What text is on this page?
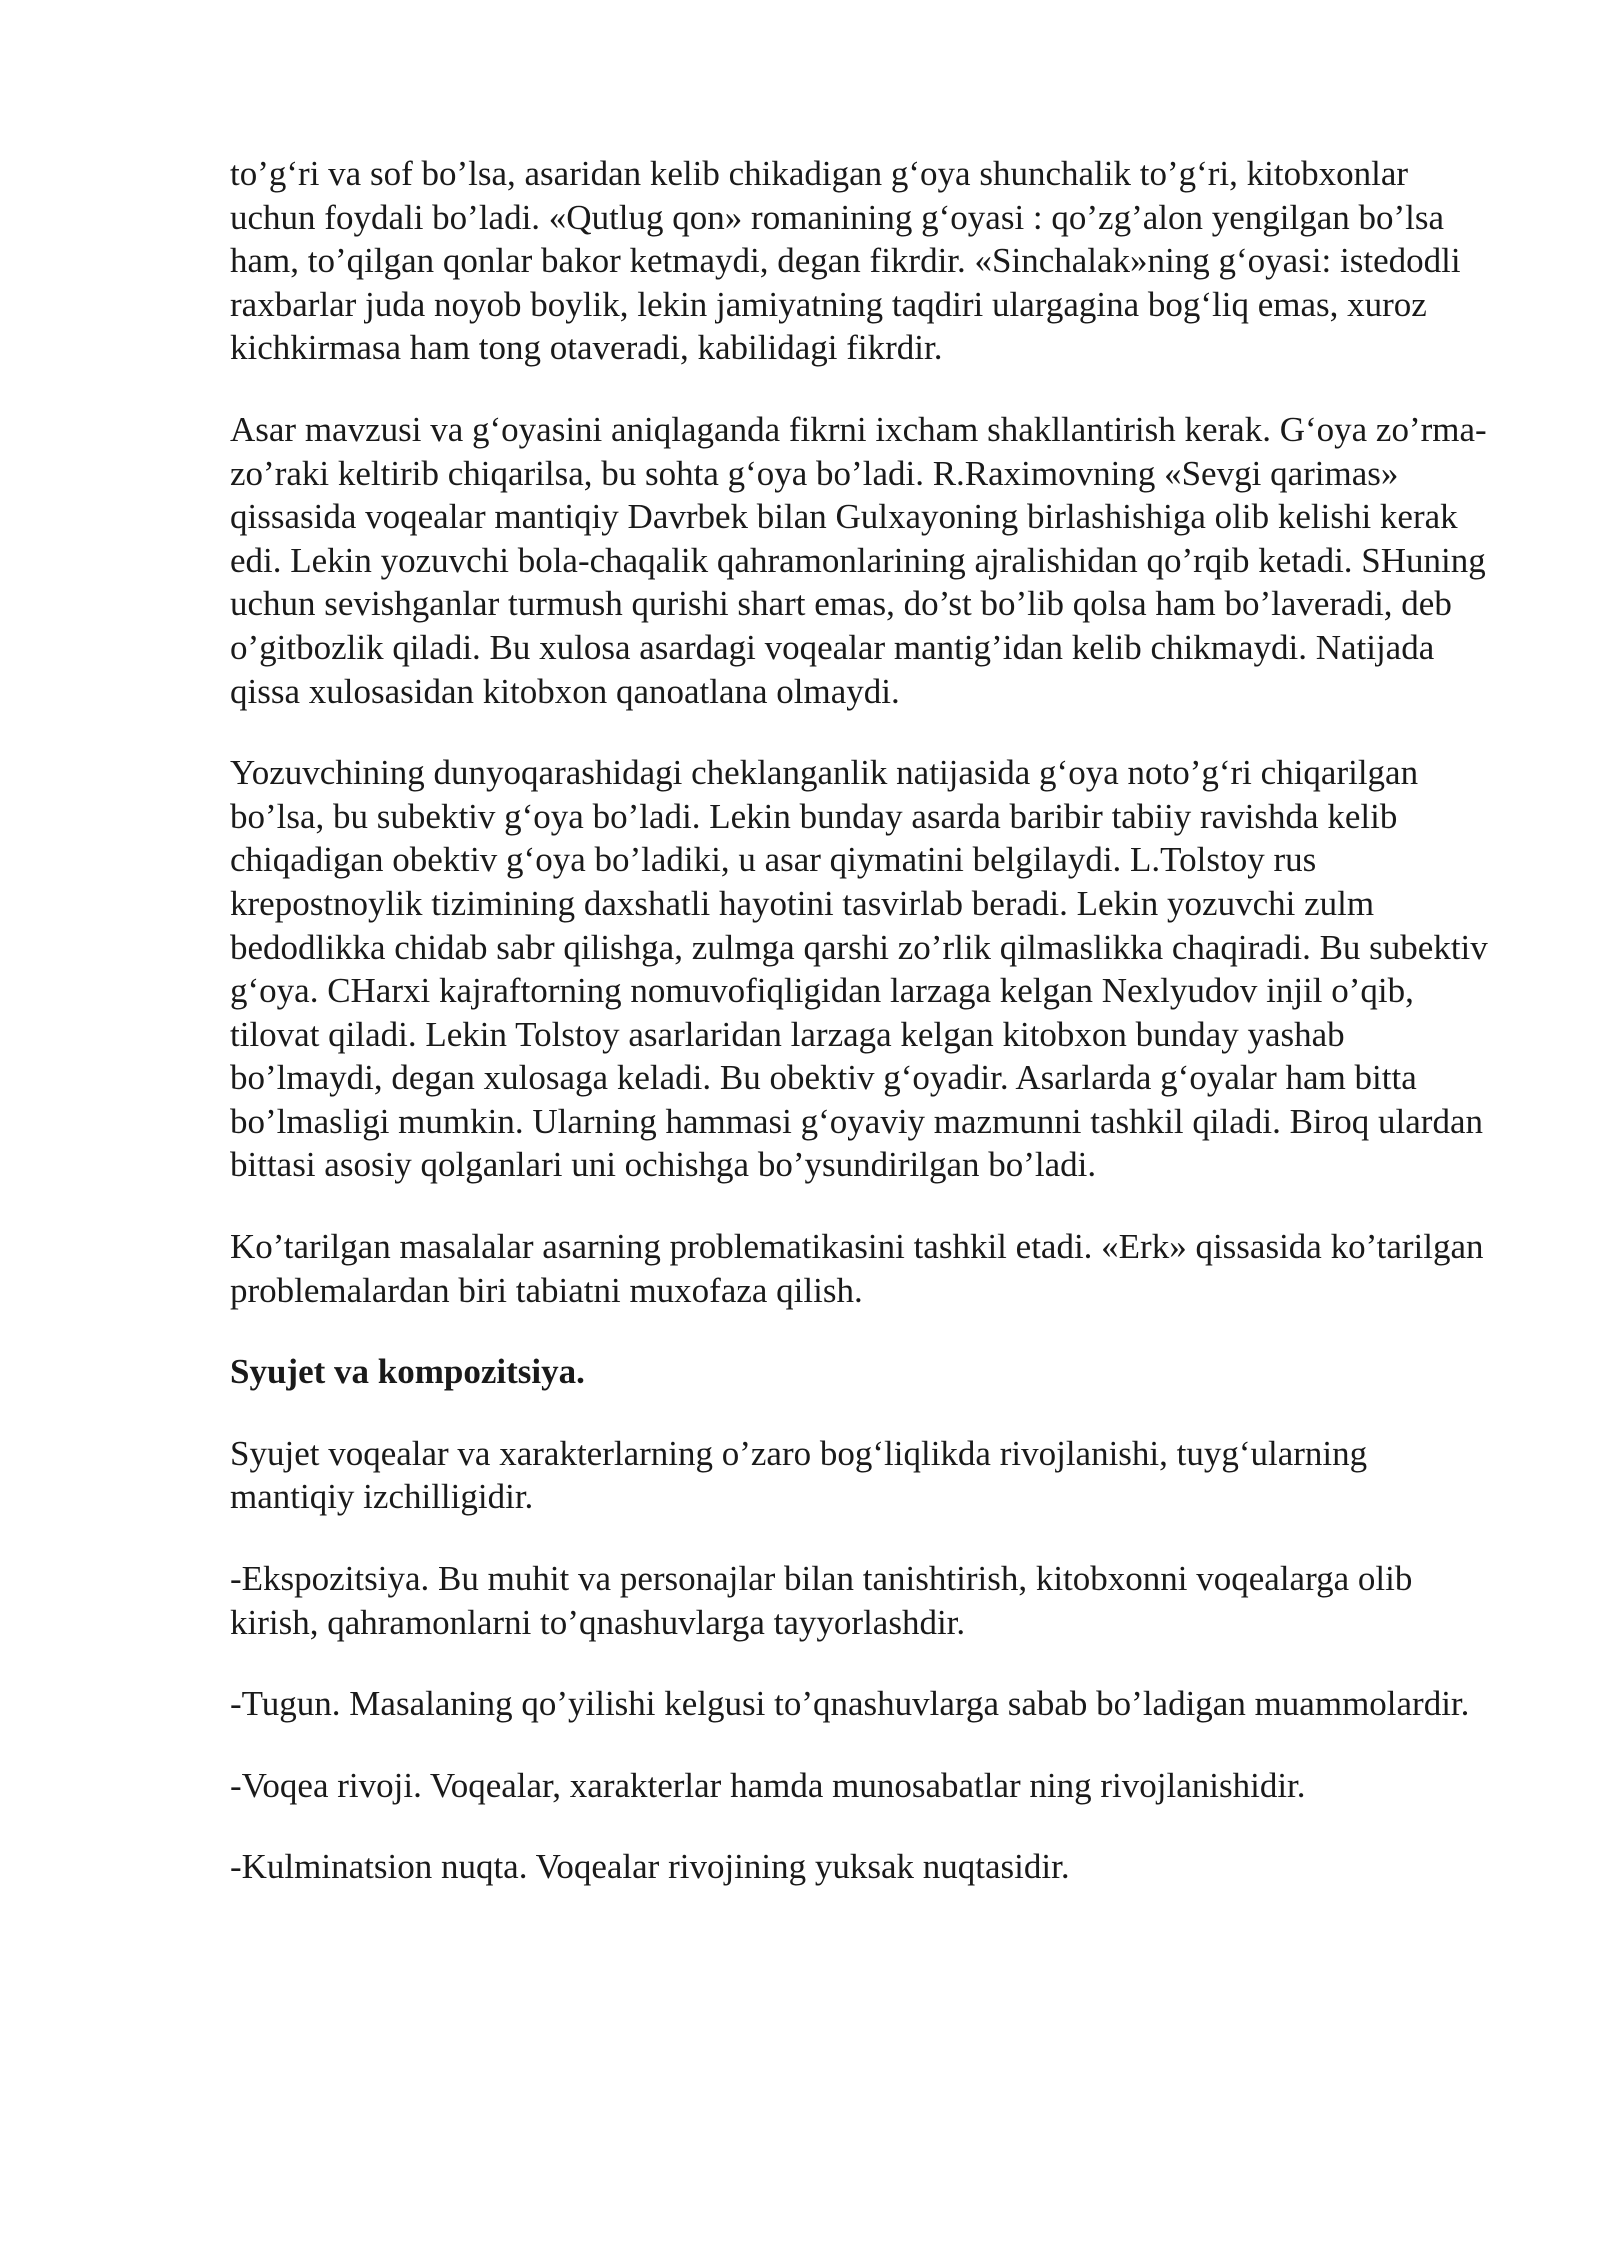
to’g‘ri va sof bo’lsa, asaridan kelib chikadigan g‘oya shunchalik to’g‘ri, kitobxonlar uchun foydali bo’ladi. «Qutlug qon» romanining g‘oyasi : qo’zg’alon yengilgan bo’lsa ham, to’qilgan qonlar bakor ketmaydi, degan fikrdir. «Sinchalak»ning g‘oyasi: istedodli raxbarlar juda noyob boylik, lekin jamiyatning taqdiri ulargagina bog‘liq emas, xuroz kichkirmasa ham tong otaveradi, kabilidagi fikrdir.

Asar mavzusi va g‘oyasini aniqlaganda fikrni ixcham shakllantirish kerak. G‘oya zo’rma-zo’raki keltirib chiqarilsa, bu sohta g‘oya bo’ladi. R.Raximovning «Sevgi qarimas» qissasida voqealar mantiqiy Davrbek bilan Gulxayoning birlashishiga olib kelishi kerak edi. Lekin yozuvchi bola-chaqalik qahramonlarining ajralishidan qo’rqib ketadi. SHuning uchun sevishganlar turmush qurishi shart emas, do’st bo’lib qolsa ham bo’laveradi, deb o’gitbozlik qiladi. Bu xulosa asardagi voqealar mantig’idan kelib chikmaydi. Natijada qissa xulosasidan kitobxon qanoatlana olmaydi.

Yozuvchining dunyoqarashidagi cheklanganlik natijasida g‘oya noto’g‘ri chiqarilgan bo’lsa, bu subektiv g‘oya bo’ladi. Lekin bunday asarda baribir tabiiy ravishda kelib chiqadigan obektiv g‘oya bo’ladiki, u asar qiymatini belgilaydi. L.Tolstoy rus krepostnoylik tizimining daxshatli hayotini tasvirlab beradi. Lekin yozuvchi zulm bedodlikka chidab sabr qilishga, zulmga qarshi zo’rlik qilmaslikka chaqiradi. Bu subektiv g‘oya. CHarxi kajraftorning nomuvofiqligidan larzaga kelgan Nexlyudov injil o’qib, tilovat qiladi. Lekin Tolstoy asarlaridan larzaga kelgan kitobxon bunday yashab bo’lmaydi, degan xulosaga keladi. Bu obektiv g‘oyadir. Asarlarda g‘oyalar ham bitta bo’lmasligi mumkin. Ularning hammasi g‘oyaviy mazmunni tashkil qiladi. Biroq ulardan bittasi asosiy qolganlari uni ochishga bo’ysundirilgan bo’ladi.

Ko’tarilgan masalalar asarning problematikasini tashkil etadi. «Erk» qissasida ko’tarilgan problemalardan biri tabiatni muxofaza qilish.

Syujet va kompozitsiya.

Syujet voqealar va xarakterlarning o’zaro bog‘liqlikda rivojlanishi, tuyg‘ularning mantiqiy izchilligidir.

-Ekspozitsiya. Bu muhit va personajlar bilan tanishtirish, kitobxonni voqealarga olib kirish, qahramonlarni to’qnashuvlarga tayyorlashdir.

-Tugun. Masalaning qo’yilishi kelgusi to’qnashuvlarga sabab bo’ladigan muammolardir.

-Voqea rivoji. Voqealar, xarakterlar hamda munosabatlar ning rivojlanishidir.

-Kulminatsion nuqta. Voqealar rivojining yuksak nuqtasidir.
